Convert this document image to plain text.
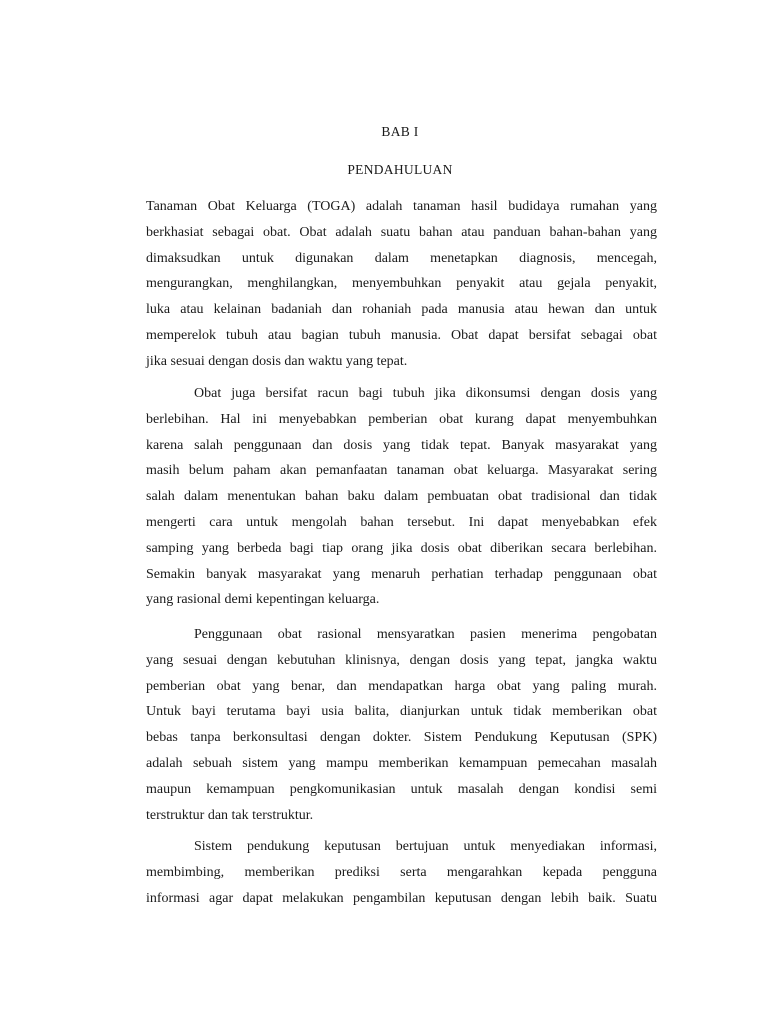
BAB I
PENDAHULUAN
Tanaman Obat Keluarga (TOGA) adalah tanaman hasil budidaya rumahan yang
berkhasiat sebagai obat. Obat adalah suatu bahan atau panduan bahan-bahan yang
dimaksudkan untuk digunakan dalam menetapkan diagnosis, mencegah,
mengurangkan, menghilangkan, menyembuhkan penyakit atau gejala penyakit,
luka atau kelainan badaniah dan rohaniah pada manusia atau hewan dan untuk
memperelok tubuh atau bagian tubuh manusia. Obat dapat bersifat sebagai obat
jika sesuai dengan dosis dan waktu yang tepat.
Obat juga bersifat racun bagi tubuh jika dikonsumsi dengan dosis yang
berlebihan. Hal ini menyebabkan pemberian obat kurang dapat menyembuhkan
karena salah penggunaan dan dosis yang tidak tepat. Banyak masyarakat yang
masih belum paham akan pemanfaatan tanaman obat keluarga. Masyarakat sering
salah dalam menentukan bahan baku dalam pembuatan obat tradisional dan tidak
mengerti cara untuk mengolah bahan tersebut. Ini dapat menyebabkan efek
samping yang berbeda bagi tiap orang jika dosis obat diberikan secara berlebihan.
Semakin banyak masyarakat yang menaruh perhatian terhadap penggunaan obat
yang rasional demi kepentingan keluarga.
Penggunaan obat rasional mensyaratkan pasien menerima pengobatan
yang sesuai dengan kebutuhan klinisnya, dengan dosis yang tepat, jangka waktu
pemberian obat yang benar, dan mendapatkan harga obat yang paling murah.
Untuk bayi terutama bayi usia balita, dianjurkan untuk tidak memberikan obat
bebas tanpa berkonsultasi dengan dokter. Sistem Pendukung Keputusan (SPK)
adalah sebuah sistem yang mampu memberikan kemampuan pemecahan masalah
maupun kemampuan pengkomunikasian untuk masalah dengan kondisi semi
terstruktur dan tak terstruktur.
Sistem pendukung keputusan bertujuan untuk menyediakan informasi,
membimbing, memberikan prediksi serta mengarahkan kepada pengguna
informasi agar dapat melakukan pengambilan keputusan dengan lebih baik. Suatu
